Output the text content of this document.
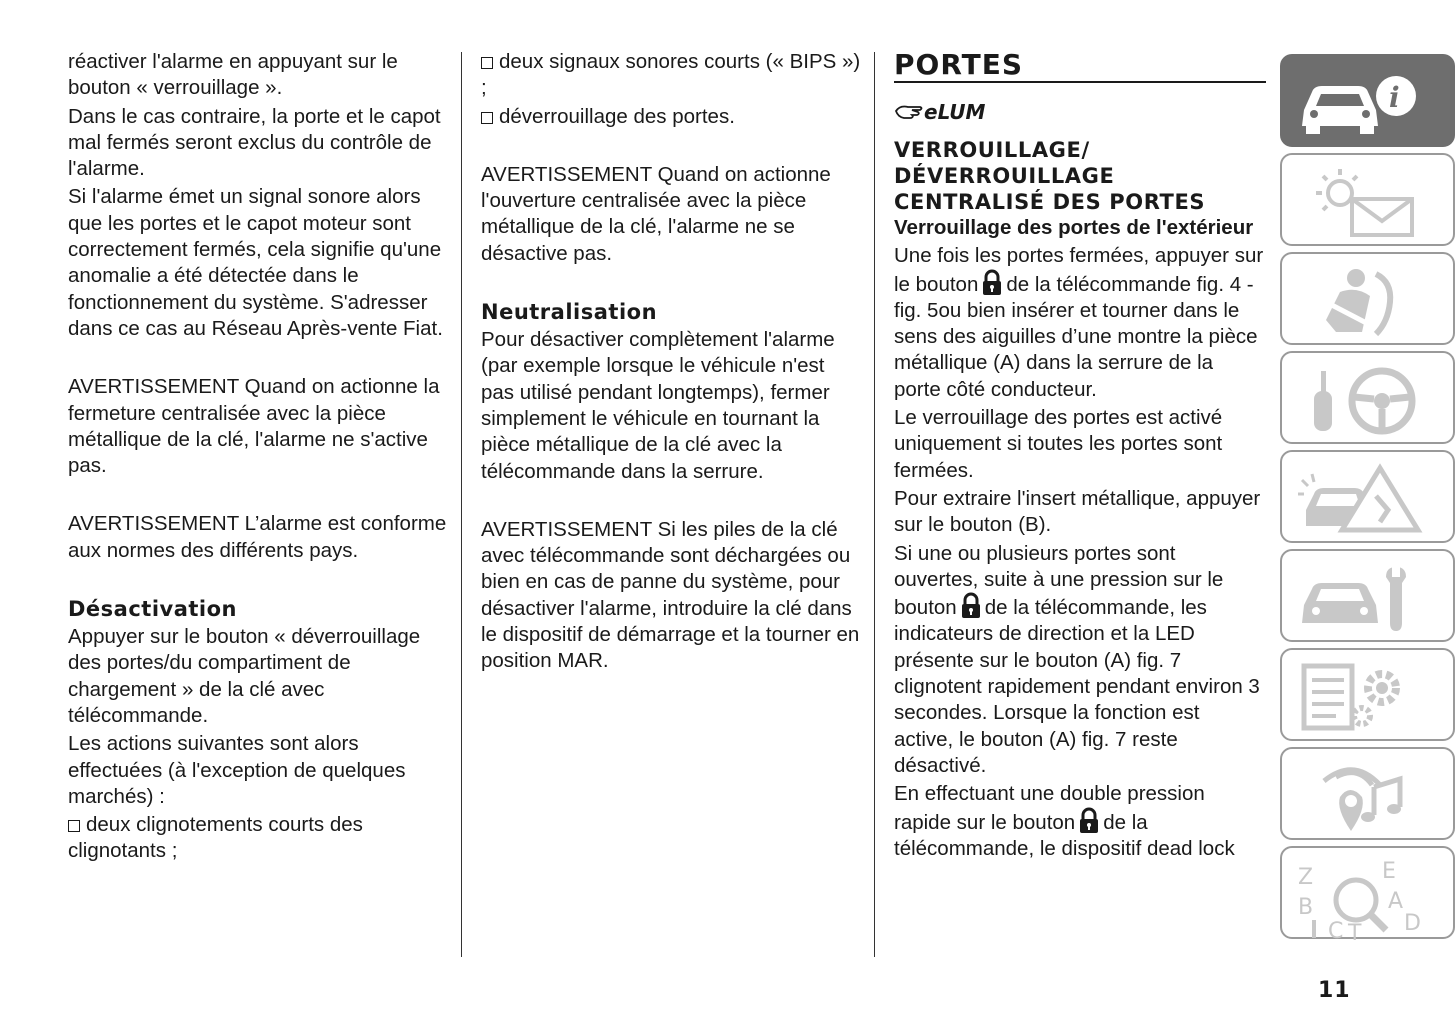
réactiver l'alarme en appuyant sur le bouton « verrouillage ».

Dans le cas contraire, la porte et le capot mal fermés seront exclus du contrôle de l'alarme.

Si l'alarme émet un signal sonore alors que les portes et le capot moteur sont correctement fermés, cela signifie qu'une anomalie a été détectée dans le fonctionnement du système. S'adresser dans ce cas au Réseau Après-vente Fiat.

AVERTISSEMENT Quand on actionne la fermeture centralisée avec la pièce métallique de la clé, l'alarme ne s'active pas.

AVERTISSEMENT L’alarme est conforme aux normes des différents pays.

Désactivation

Appuyer sur le bouton « déverrouillage des portes/du compartiment de chargement » de la clé avec télécommande.

Les actions suivantes sont alors effectuées (à l'exception de quelques marchés) :

deux clignotements courts des clignotants ;

deux signaux sonores courts (« BIPS ») ;

déverrouillage des portes.

AVERTISSEMENT Quand on actionne l'ouverture centralisée avec la pièce métallique de la clé, l'alarme ne se désactive pas.

Neutralisation

Pour désactiver complètement l'alarme (par exemple lorsque le véhicule n'est pas utilisé pendant longtemps), fermer simplement le véhicule en tournant la pièce métallique de la clé avec la télécommande dans la serrure.

AVERTISSEMENT Si les piles de la clé avec télécommande sont déchargées ou bien en cas de panne du système, pour désactiver l'alarme, introduire la clé dans le dispositif de démarrage et la tourner en position MAR.

PORTES
eLUM
VERROUILLAGE/ DÉVERROUILLAGE CENTRALISÉ DES PORTES

Verrouillage des portes de l'extérieur

Une fois les portes fermées, appuyer sur le bouton de la télécommande fig. 4 - fig. 5ou bien insérer et tourner dans le sens des aiguilles d’une montre la pièce métallique (A) dans la serrure de la porte côté conducteur.

Le verrouillage des portes est activé uniquement si toutes les portes sont fermées.

Pour extraire l'insert métallique, appuyer sur le bouton (B).

Si une ou plusieurs portes sont ouvertes, suite à une pression sur le bouton de la télécommande, les indicateurs de direction et la LED présente sur le bouton (A) fig. 7 clignotent rapidement pendant environ 3 secondes. Lorsque la fonction est active, le bouton (A) fig. 7 reste désactivé.

En effectuant une double pression rapide sur le bouton de la télécommande, le dispositif dead lock

i
Z	E
A
B
C T D
11
